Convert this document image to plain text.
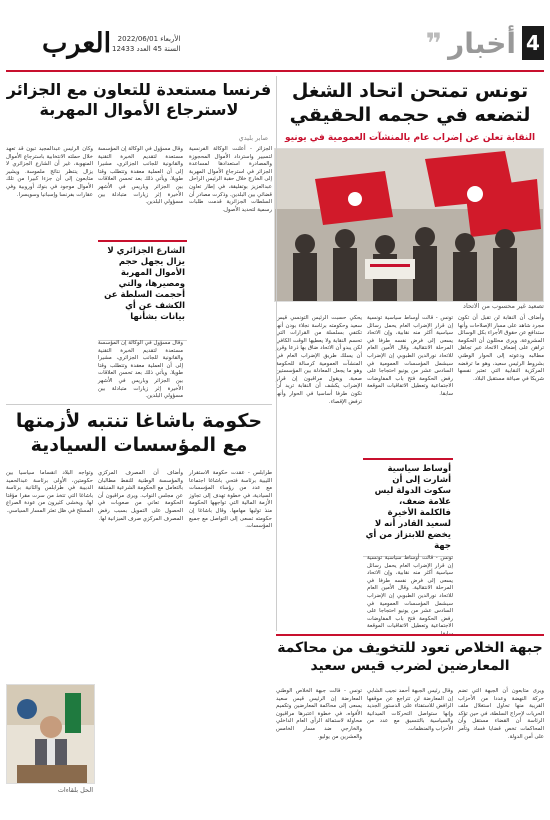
4
أخبار
❞
الأربعاء 2022/06/01
السنة 45 العدد 12433
العرب
تونس تمتحن اتحاد الشغل
لتضعه في حجمه الحقيقي
النقابة تعلن عن إضراب عام بالمنشآت العمومية في يونيو
تصعيد غير محسوب من الاتحاد
يحكي حسبت الرئيس التونسي قيس سعيد وحكومته برئاسة نجلاء بودن أنها تكتفي بسلسلة من القرارات التي تحسم النقابة ولا يعطيها الوقت الكافي لكن يبدو أن الاتحاد ضاق بها ذرعا وقرر أن يسلك طريق الإضراب العام في المنشآت العمومية كرسالة للحكومة وهو ما يجعل المعادلة بين المؤسستين صعبة. ويقول مراقبون إن قرار الإضراب يكشف أن النقابة تريد أن تكون طرفا أساسيا في الحوار وأنها ترفض الإقصاء.
تونس - قالت أوساط سياسية تونسية إن قرار الإضراب العام يحمل رسائل سياسية أكثر منه نقابية، وإن الاتحاد يسعى إلى فرض نفسه طرفا في المرحلة الانتقالية. وقال الأمين العام للاتحاد نورالدين الطبوبي إن الإضراب سيشمل المؤسسات العمومية في السادس عشر من يونيو احتجاجا على رفض الحكومة فتح باب المفاوضات الاجتماعية وتعطيل الاتفاقيات الموقعة سابقا.
أوساط سياسية أشارت إلى أن سكوت الدولة ليس علامة ضعف، فالكلمة الأخيرة لسعيد القادر أنه لا يخضع للابتزاز من أي جهة
تونس - قالت أوساط سياسية تونسية إن قرار الإضراب العام يحمل رسائل سياسية أكثر منه نقابية، وإن الاتحاد يسعى إلى فرض نفسه طرفا في المرحلة الانتقالية. وقال الأمين العام للاتحاد نورالدين الطبوبي إن الإضراب سيشمل المؤسسات العمومية في السادس عشر من يونيو احتجاجا على رفض الحكومة فتح باب المفاوضات الاجتماعية وتعطيل الاتفاقيات الموقعة سابقا.
وأضاف أن النقابة لن تقبل أن تكون مجرد شاهد على مسار الإصلاحات وأنها ستدافع عن حقوق الأجراء بكل الوسائل المشروعة. ويرى محللون أن الحكومة تراهن على إضعاف الاتحاد عبر تجاهل مطالبه ودعوته إلى الحوار الوطني بشروط الرئيس سعيد، وهو ما ترفضه المركزية النقابية التي تعتبر نفسها شريكا في صياغة مستقبل البلاد.
فرنسا مستعدة للتعاون مع الجزائر
لاسترجاع الأموال المهربة
صابر بليدي
الجزائر - أعلنت الوكالة الفرنسية لتسيير واسترداد الأموال المحجوزة والمصادرة استعدادها لمساعدة الجزائر في استرجاع الأموال المهربة إلى الخارج خلال حقبة الرئيس الراحل عبدالعزيز بوتفليقة، في إطار تعاون قضائي بين البلدين. وذكرت مصادر أن السلطات الجزائرية قدمت طلبات رسمية لتحديد الأصول.
وقال مسؤول في الوكالة إن المؤسسة مستعدة لتقديم الخبرة التقنية والقانونية للجانب الجزائري، مشيرا إلى أن العملية معقدة وتتطلب وقتا طويلا. ويأتي ذلك بعد تحسن العلاقات بين الجزائر وباريس في الأشهر الأخيرة إثر زيارات متبادلة بين مسؤولي البلدين.
الشارع الجزائري لا يزال يجهل حجم الأموال المهربة ومصيرها، والتي أحجمت السلطة عن الكشف عن أي بيانات بشأنها
وقال مسؤول في الوكالة إن المؤسسة مستعدة لتقديم الخبرة التقنية والقانونية للجانب الجزائري، مشيرا إلى أن العملية معقدة وتتطلب وقتا طويلا. ويأتي ذلك بعد تحسن العلاقات بين الجزائر وباريس في الأشهر الأخيرة إثر زيارات متبادلة بين مسؤولي البلدين.
وكان الرئيس عبدالمجيد تبون قد تعهد خلال حملته الانتخابية باسترجاع الأموال المنهوبة، غير أن الشارع الجزائري لا يزال ينتظر نتائج ملموسة. ويشير متابعون إلى أن جزءا كبيرا من تلك الأموال موجود في بنوك أوروبية وفي عقارات بفرنسا وإسبانيا وسويسرا.
حكومة باشاغا تنتبه لأزمتها
مع المؤسسات السيادية
طرابلس - عقدت حكومة الاستقرار الليبية برئاسة فتحي باشاغا اجتماعا مع عدد من رؤساء المؤسسات السيادية، في خطوة تهدف إلى تجاوز الأزمة المالية التي تواجهها الحكومة منذ توليها مهامها. وقال باشاغا إن حكومته تسعى إلى التواصل مع جميع المؤسسات.
وأضاف أن المصرف المركزي والمؤسسة الوطنية للنفط مطالبان بالتعامل مع الحكومة الشرعية المنبثقة عن مجلس النواب. ويرى مراقبون أن الحكومة تعاني من صعوبات في الحصول على التمويل بسبب رفض المصرف المركزي صرف الميزانية لها.
وتواجه البلاد انقساما سياسيا بين حكومتين، الأولى برئاسة عبدالحميد الدبيبة في طرابلس والثانية برئاسة باشاغا التي تتخذ من سرت مقرا مؤقتا لها. ويخشى كثيرون من عودة الصراع المسلح في ظل تعثر المسار السياسي.
الحل بلقاءات
جبهة الخلاص تعود للتخويف من محاكمة
المعارضين لضرب قيس سعيد
تونس - قالت جبهة الخلاص الوطني المعارضة إن الرئيس قيس سعيد يسعى إلى محاكمة المعارضين وتكميم الأفواه، في خطوة اعتبرها مراقبون محاولة لاستمالة الرأي العام الداخلي والخارجي ضد مسار الخامس والعشرين من يوليو.
وقال رئيس الجبهة أحمد نجيب الشابي إن المعارضة لن تتراجع عن موقفها الرافض للاستفتاء على الدستور الجديد وإنها ستواصل التحركات الميدانية والسياسية بالتنسيق مع عدد من الأحزاب والمنظمات.
ويرى متابعون أن الجبهة التي تضم حركة النهضة وعددا من الأحزاب القريبة منها تحاول استغلال ملف الحريات لإحراج السلطة، في حين تؤكد الرئاسة أن القضاء مستقل وأن المحاكمات تخص قضايا فساد وتآمر على أمن الدولة.
